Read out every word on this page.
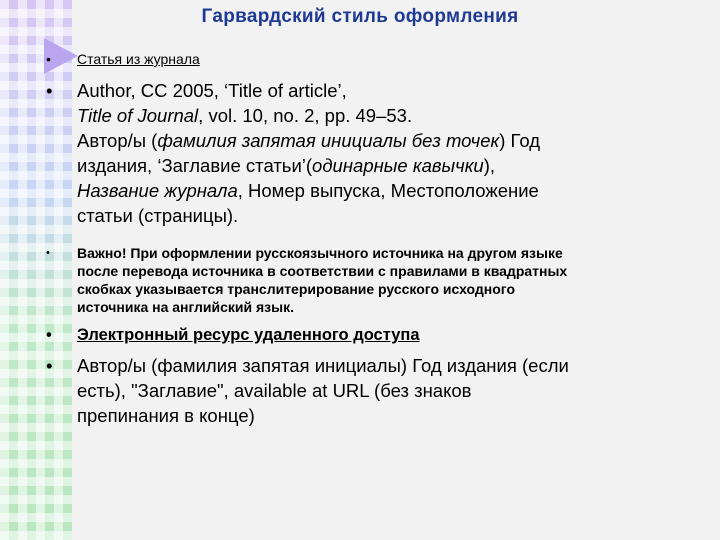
Гарвардский стиль оформления
• Статья из журнала
• Author, CC 2005, ‘Title of article’,
Title of Journal, vol. 10, no. 2, pp. 49–53.
Автор/ы (фамилия запятая инициалы без точек) Год
издания, ‘Заглавие статьи’(одинарные кавычки),
Название журнала, Номер выпуска, Местоположение
статьи (страницы).
• Важно! При оформлении русскоязычного источника на другом языке
после перевода источника в соответствии с правилами в квадратных
скобках указывается транслитерирование русского исходного
источника на английский язык.
• Электронный ресурс удаленного доступа
• Автор/ы (фамилия запятая инициалы) Год издания (если
есть), "Заглавие", available at URL (без знаков
препинания в конце)
